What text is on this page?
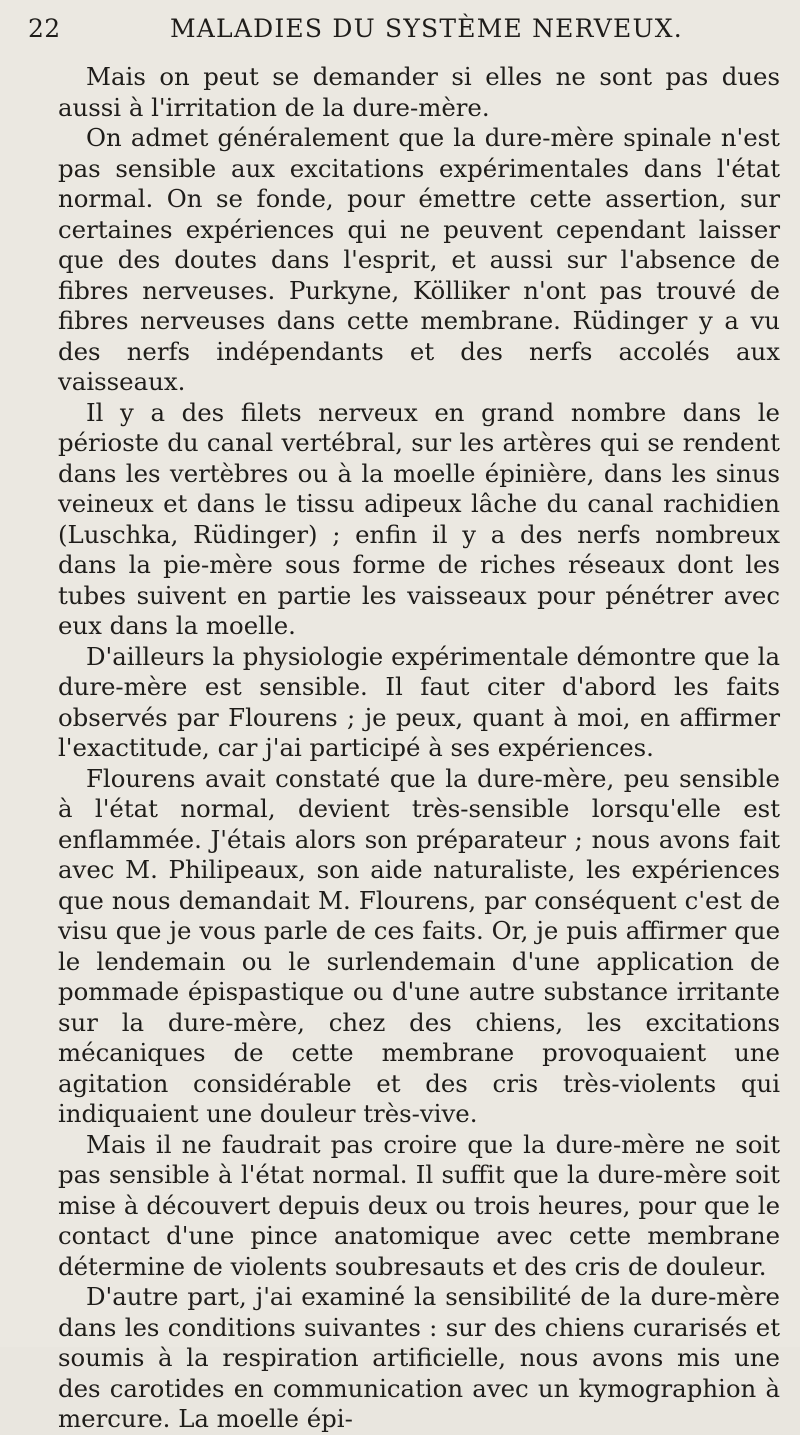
22	MALADIES DU SYSTÈME NERVEUX.

Mais on peut se demander si elles ne sont pas dues aussi à l'irritation de la dure-mère.

On admet généralement que la dure-mère spinale n'est pas sensible aux excitations expérimentales dans l'état normal. On se fonde, pour émettre cette assertion, sur certaines expériences qui ne peuvent cependant laisser que des doutes dans l'esprit, et aussi sur l'absence de fibres nerveuses. Purkyne, Kölliker n'ont pas trouvé de fibres nerveuses dans cette membrane. Rüdinger y a vu des nerfs indépendants et des nerfs accolés aux vaisseaux.

Il y a des filets nerveux en grand nombre dans le périoste du canal vertébral, sur les artères qui se rendent dans les vertèbres ou à la moelle épinière, dans les sinus veineux et dans le tissu adipeux lâche du canal rachidien (Luschka, Rüdinger) ; enfin il y a des nerfs nombreux dans la pie-mère sous forme de riches réseaux dont les tubes suivent en partie les vaisseaux pour pénétrer avec eux dans la moelle.

D'ailleurs la physiologie expérimentale démontre que la dure-mère est sensible. Il faut citer d'abord les faits observés par Flourens ; je peux, quant à moi, en affirmer l'exactitude, car j'ai participé à ses expériences.

Flourens avait constaté que la dure-mère, peu sensible à l'état normal, devient très-sensible lorsqu'elle est enflammée. J'étais alors son préparateur ; nous avons fait avec M. Philipeaux, son aide naturaliste, les expériences que nous demandait M. Flourens, par conséquent c'est de visu que je vous parle de ces faits. Or, je puis affirmer que le lendemain ou le surlendemain d'une application de pommade épispastique ou d'une autre substance irritante sur la dure-mère, chez des chiens, les excitations mécaniques de cette membrane provoquaient une agitation considérable et des cris très-violents qui indiquaient une douleur très-vive.

Mais il ne faudrait pas croire que la dure-mère ne soit pas sensible à l'état normal. Il suffit que la dure-mère soit mise à découvert depuis deux ou trois heures, pour que le contact d'une pince anatomique avec cette membrane détermine de violents soubresauts et des cris de douleur.

D'autre part, j'ai examiné la sensibilité de la dure-mère dans les conditions suivantes : sur des chiens curarisés et soumis à la respiration artificielle, nous avons mis une des carotides en communication avec un kymographion à mercure. La moelle épi-
